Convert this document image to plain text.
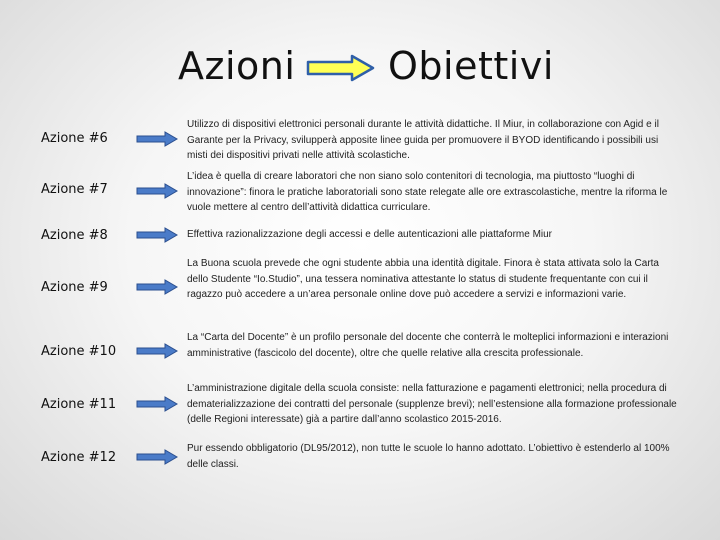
Azioni Obiettivi
Azione #6
Utilizzo di dispositivi elettronici personali durante le attività didattiche. Il Miur, in collaborazione con Agid e il Garante per la Privacy, svilupperà apposite linee guida per promuovere il BYOD identificando i possibili usi misti dei dispositivi privati nelle attività scolastiche.
Azione #7
L’idea è quella di creare laboratori che non siano solo contenitori di tecnologia, ma piuttosto “luoghi di innovazione”: finora le pratiche laboratoriali sono state relegate alle ore extrascolastiche, mentre la riforma le vuole mettere al centro dell’attività didattica curriculare.
Azione #8	Effettiva razionalizzazione degli accessi e delle autenticazioni alle piattaforme Miur
Azione #9
La Buona scuola prevede che ogni studente abbia una identità digitale. Finora è stata attivata solo la Carta dello Studente “Io.Studio”, una tessera nominativa attestante lo status di studente frequentante con cui il ragazzo può accedere a un’area personale online dove può accedere a servizi e informazioni varie.
Azione #10
La “Carta del Docente” è un profilo personale del docente che conterrà le molteplici informazioni e interazioni amministrative (fascicolo del docente), oltre che quelle relative alla crescita professionale.
Azione #11
L’amministrazione digitale della scuola consiste: nella fatturazione e pagamenti elettronici; nella procedura di dematerializzazione dei contratti del personale (supplenze brevi); nell’estensione alla formazione professionale (delle Regioni interessate) già a partire dall’anno scolastico 2015-2016.
Azione #12
Pur essendo obbligatorio (DL95/2012), non tutte le scuole lo hanno adottato. L’obiettivo è estenderlo al 100% delle classi.
